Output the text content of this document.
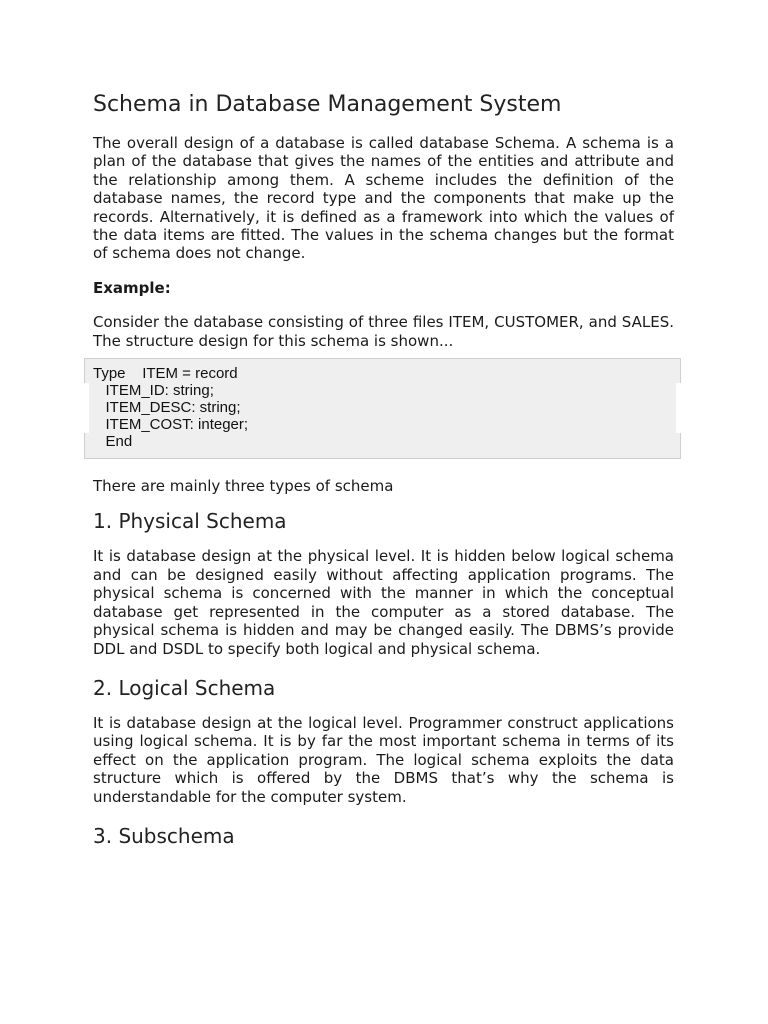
Schema in Database Management System

The overall design of a database is called database Schema. A schema is a plan of the database that gives the names of the entities and attribute and the relationship among them. A scheme includes the definition of the database names, the record type and the components that make up the records. Alternatively, it is defined as a framework into which the values of the data items are fitted. The values in the schema changes but the format of schema does not change.

Example:

Consider the database consisting of three files ITEM, CUSTOMER, and SALES. The structure design for this schema is shown...

Type    ITEM = record
ITEM_ID: string;
ITEM_DESC: string;
ITEM_COST: integer;
End

There are mainly three types of schema

1. Physical Schema

It is database design at the physical level. It is hidden below logical schema and can be designed easily without affecting application programs. The physical schema is concerned with the manner in which the conceptual database get represented in the computer as a stored database. The physical schema is hidden and may be changed easily. The DBMS’s provide DDL and DSDL to specify both logical and physical schema.

2. Logical Schema

It is database design at the logical level. Programmer construct applications using logical schema. It is by far the most important schema in terms of its effect on the application program. The logical schema exploits the data structure which is offered by the DBMS that’s why the schema is understandable for the computer system.

3. Subschema
